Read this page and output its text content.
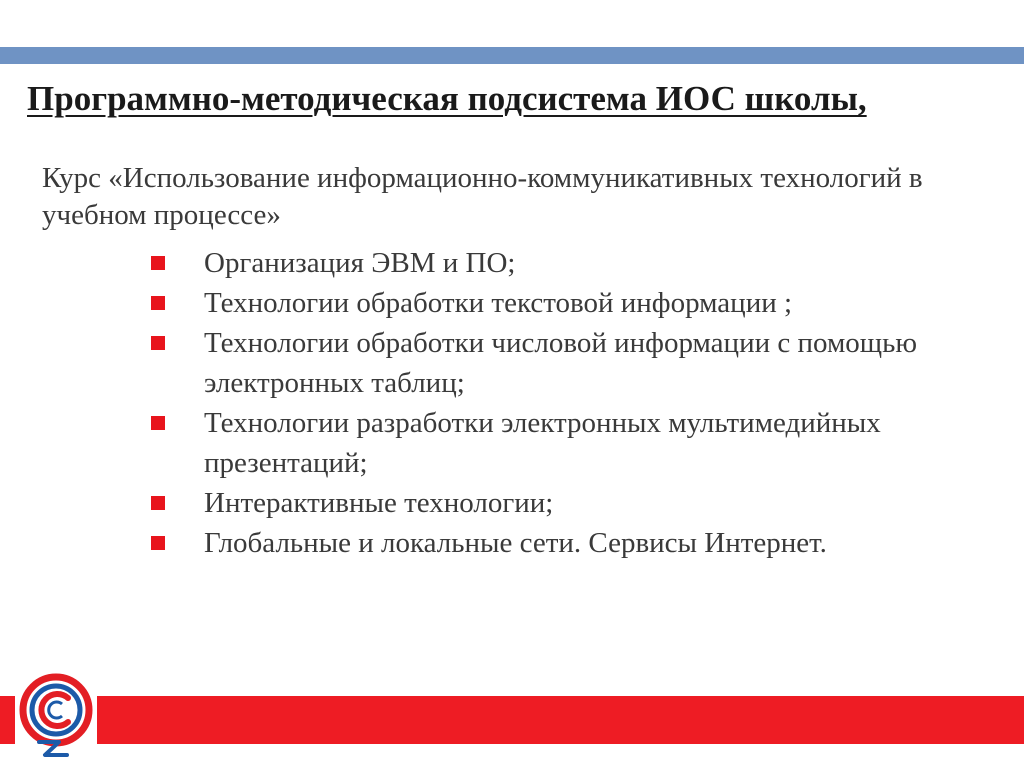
Программно-методическая подсистема ИОС школы,

Курс «Использование информационно-коммуникативных технологий в учебном процессе»

Организация ЭВМ и ПО;
Технологии обработки текстовой информации ;
Технологии обработки числовой информации с помощью электронных таблиц;
Технологии разработки электронных мультимедийных презентаций;
Интерактивные технологии;
Глобальные и локальные сети. Сервисы Интернет.
